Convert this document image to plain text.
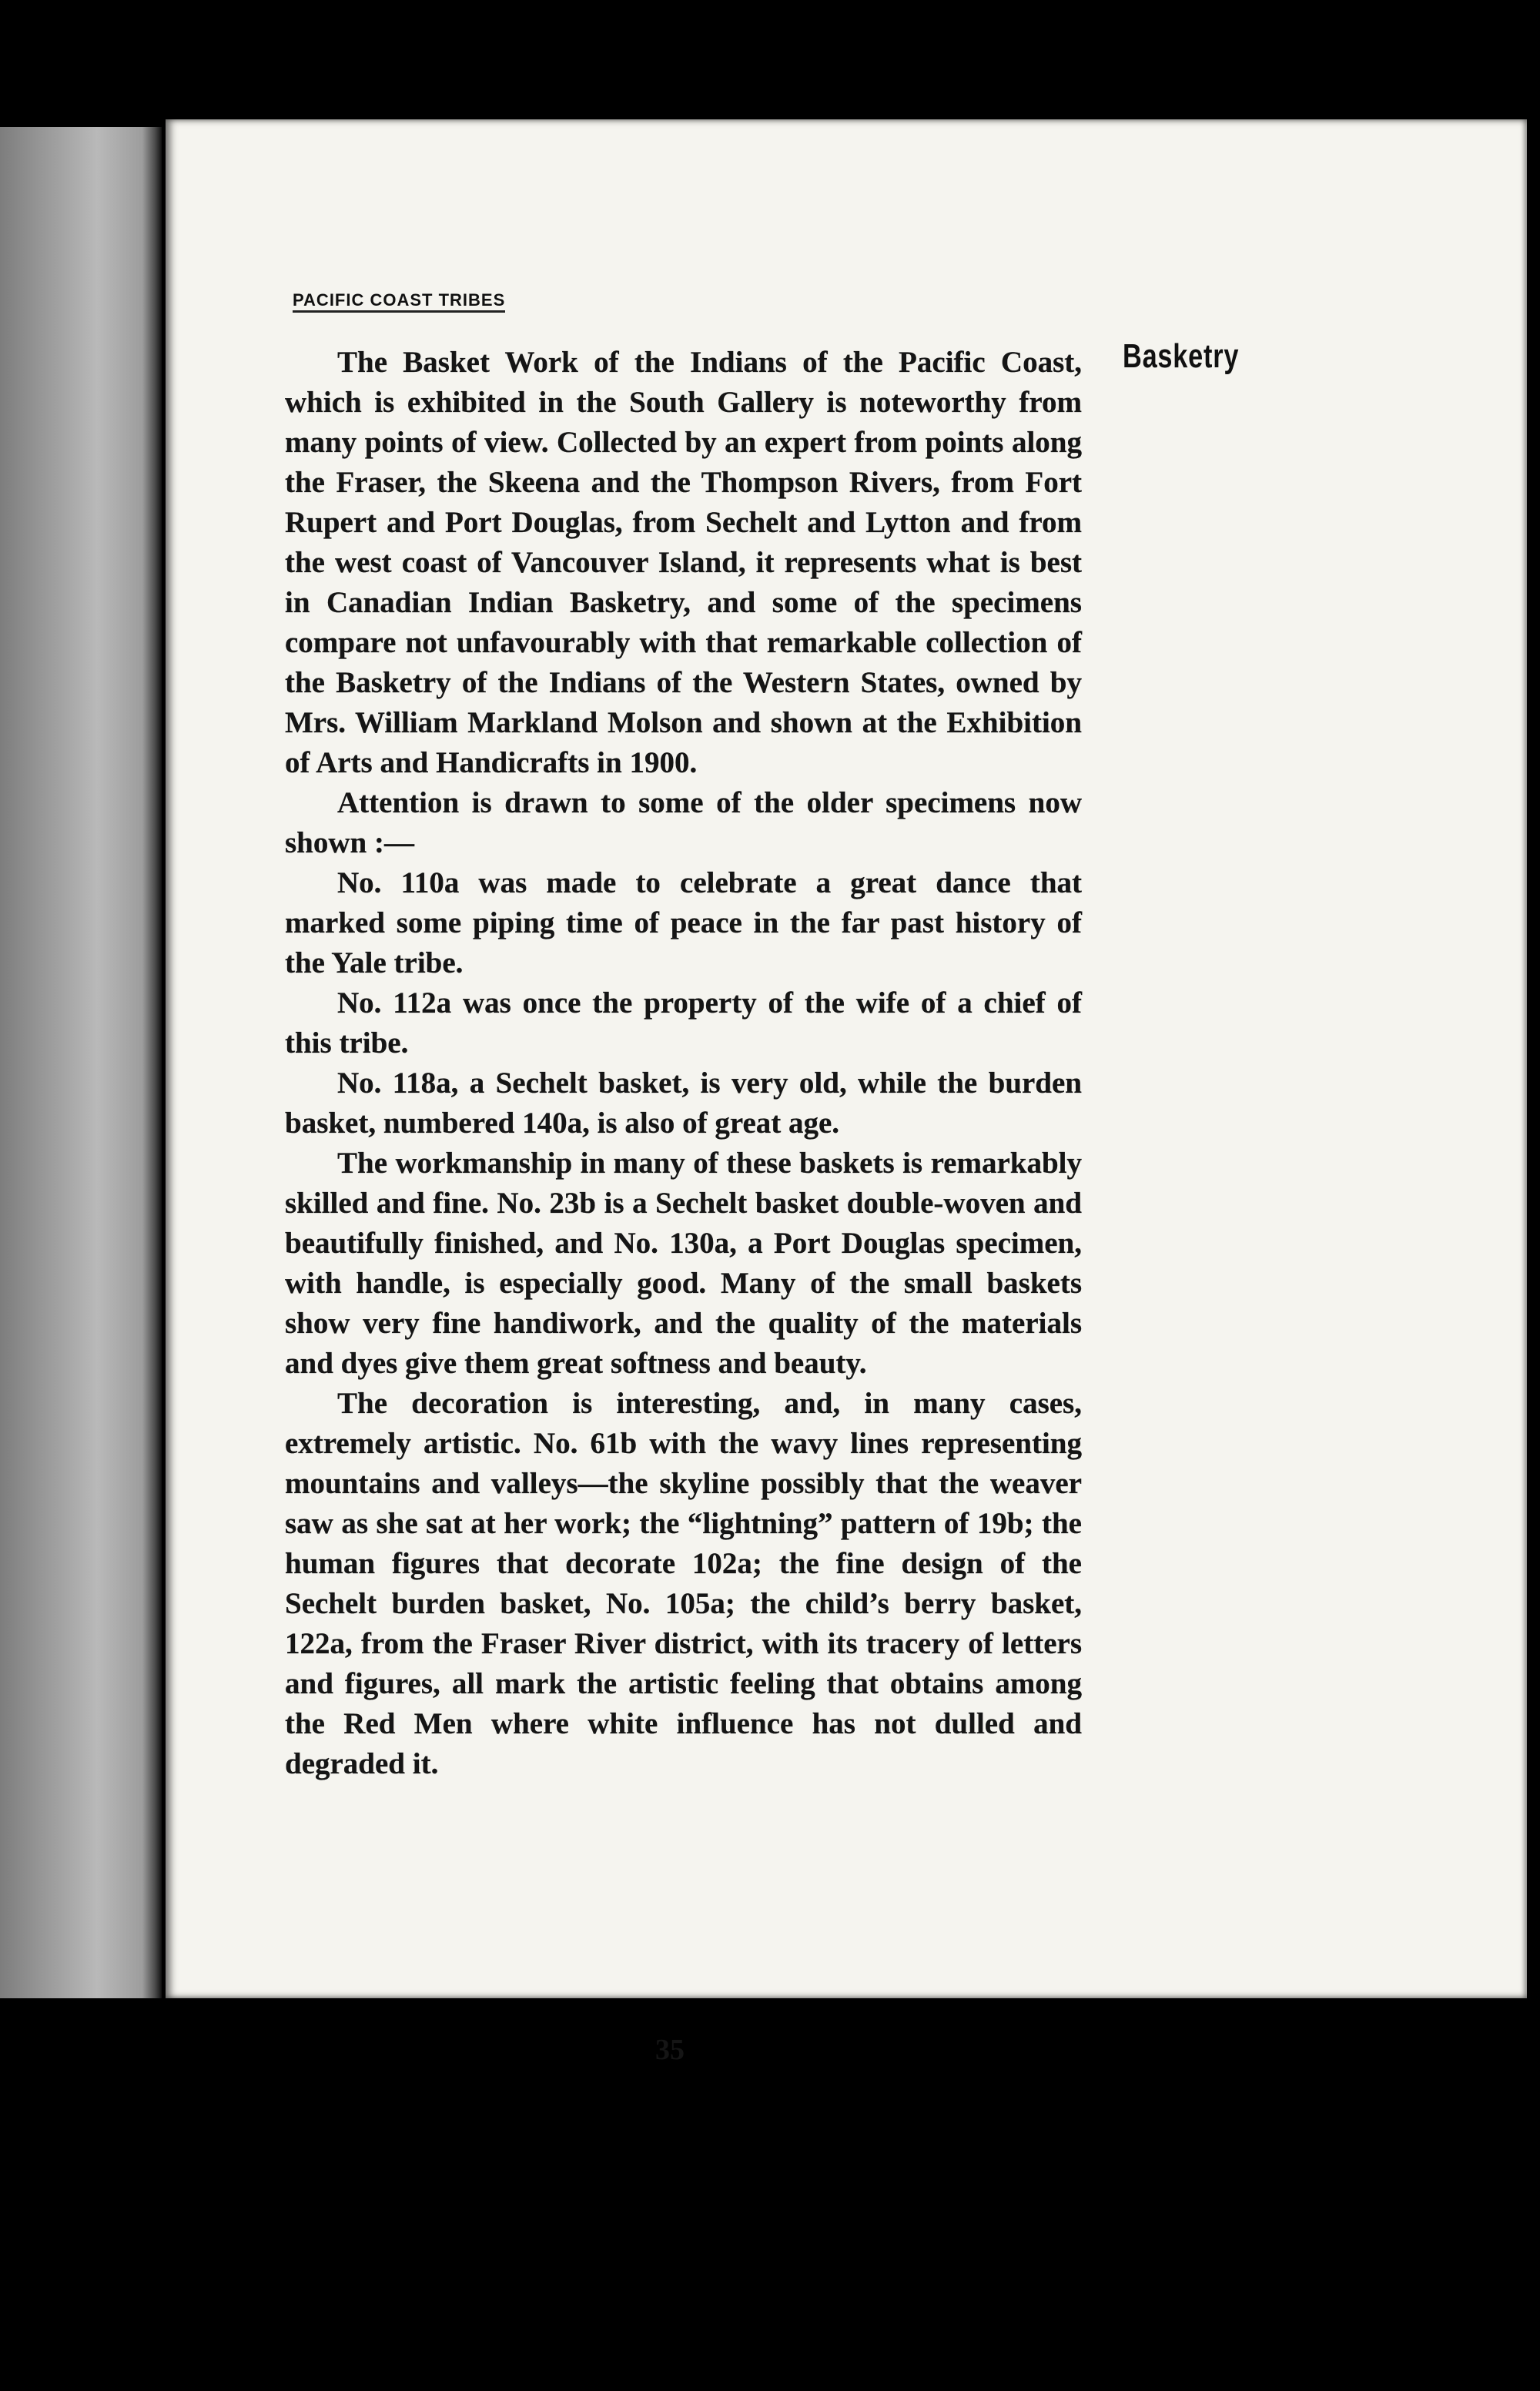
PACIFIC COAST TRIBES
Basketry

The Basket Work of the Indians of the Pacific Coast, which is exhibited in the South Gallery is noteworthy from many points of view. Collected by an expert from points along the Fraser, the Skeena and the Thompson Rivers, from Fort Rupert and Port Douglas, from Sechelt and Lytton and from the west coast of Vancouver Island, it represents what is best in Canadian Indian Basketry, and some of the specimens compare not unfavourably with that remarkable collection of the Basketry of the Indians of the Western States, owned by Mrs. William Markland Molson and shown at the Exhibition of Arts and Handicrafts in 1900.

Attention is drawn to some of the older specimens now shown :—

No. 110a was made to celebrate a great dance that marked some piping time of peace in the far past history of the Yale tribe.

No. 112a was once the property of the wife of a chief of this tribe.

No. 118a, a Sechelt basket, is very old, while the burden basket, numbered 140a, is also of great age.

The workmanship in many of these baskets is remarkably skilled and fine. No. 23b is a Sechelt basket double-woven and beautifully finished, and No. 130a, a Port Douglas specimen, with handle, is especially good. Many of the small baskets show very fine handiwork, and the quality of the materials and dyes give them great softness and beauty.

The decoration is interesting, and, in many cases, extremely artistic. No. 61b with the wavy lines representing mountains and valleys—the skyline possibly that the weaver saw as she sat at her work; the “lightning” pattern of 19b; the human figures that decorate 102a; the fine design of the Sechelt burden basket, No. 105a; the child’s berry basket, 122a, from the Fraser River district, with its tracery of letters and figures, all mark the artistic feeling that obtains among the Red Men where white influence has not dulled and degraded it.

35
